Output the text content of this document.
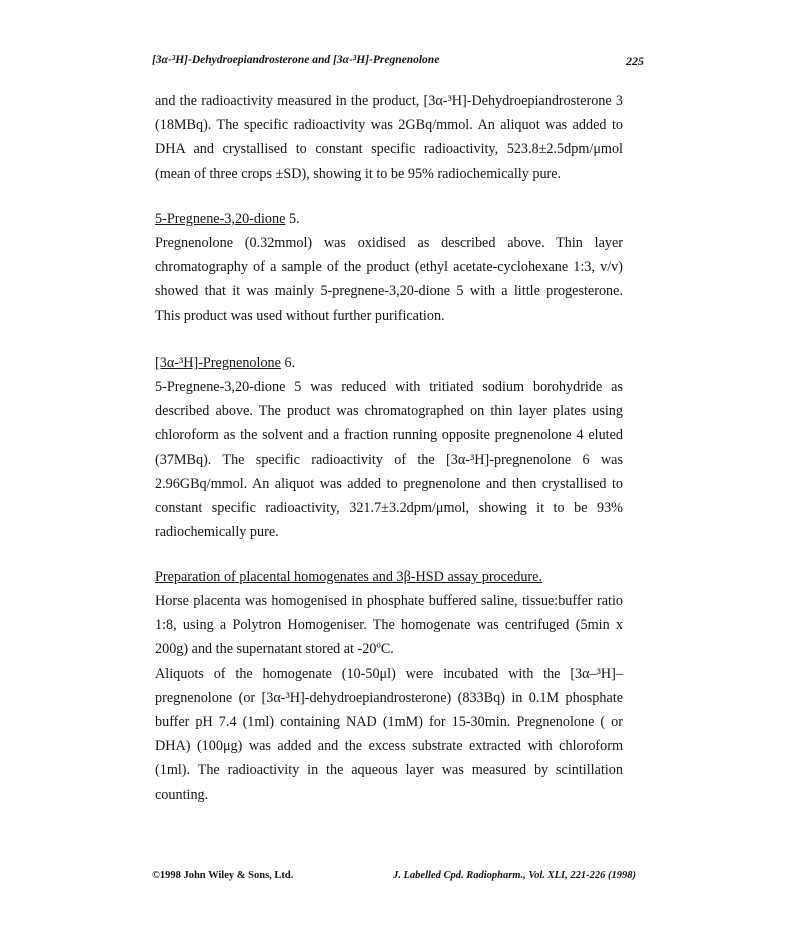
[3α-³H]-Dehydroepiandrosterone and [3α-³H]-Pregnenolone	225
and the radioactivity measured in the product, [3α-³H]-Dehydroepiandrosterone 3
(18MBq). The specific radioactivity was 2GBq/mmol. An aliquot was added to
DHA and crystallised to constant specific radioactivity, 523.8±2.5dpm/μmol
(mean of three crops ±SD), showing it to be 95% radiochemically pure.
5-Pregnene-3,20-dione 5.
Pregnenolone (0.32mmol) was oxidised as described above. Thin layer
chromatography of a sample of the product (ethyl acetate-cyclohexane 1:3, v/v)
showed that it was mainly 5-pregnene-3,20-dione 5 with a little progesterone.
This product was used without further purification.
[3α-³H]-Pregnenolone 6.
5-Pregnene-3,20-dione 5 was reduced with tritiated sodium borohydride as
described above. The product was chromatographed on thin layer plates using
chloroform as the solvent and a fraction running opposite pregnenolone 4 eluted
(37MBq). The specific radioactivity of the [3α-³H]-pregnenolone 6 was
2.96GBq/mmol. An aliquot was added to pregnenolone and then crystallised to
constant specific radioactivity, 321.7±3.2dpm/μmol, showing it to be 93%
radiochemically pure.
Preparation of placental homogenates and 3β-HSD assay procedure.
Horse placenta was homogenised in phosphate buffered saline, tissue:buffer ratio
1:8, using a Polytron Homogeniser. The homogenate was centrifuged (5min x
200g) and the supernatant stored at -20ºC.
Aliquots of the homogenate (10-50μl) were incubated with the [3α–³H]–
pregnenolone (or [3α-³H]-dehydroepiandrosterone) (833Bq) in 0.1M phosphate
buffer pH 7.4 (1ml) containing NAD (1mM) for 15-30min. Pregnenolone ( or
DHA) (100μg) was added and the excess substrate extracted with chloroform
(1ml). The radioactivity in the aqueous layer was measured by scintillation
counting.
©1998 John Wiley & Sons, Ltd.	J. Labelled Cpd. Radiopharm., Vol. XLI, 221-226 (1998)
